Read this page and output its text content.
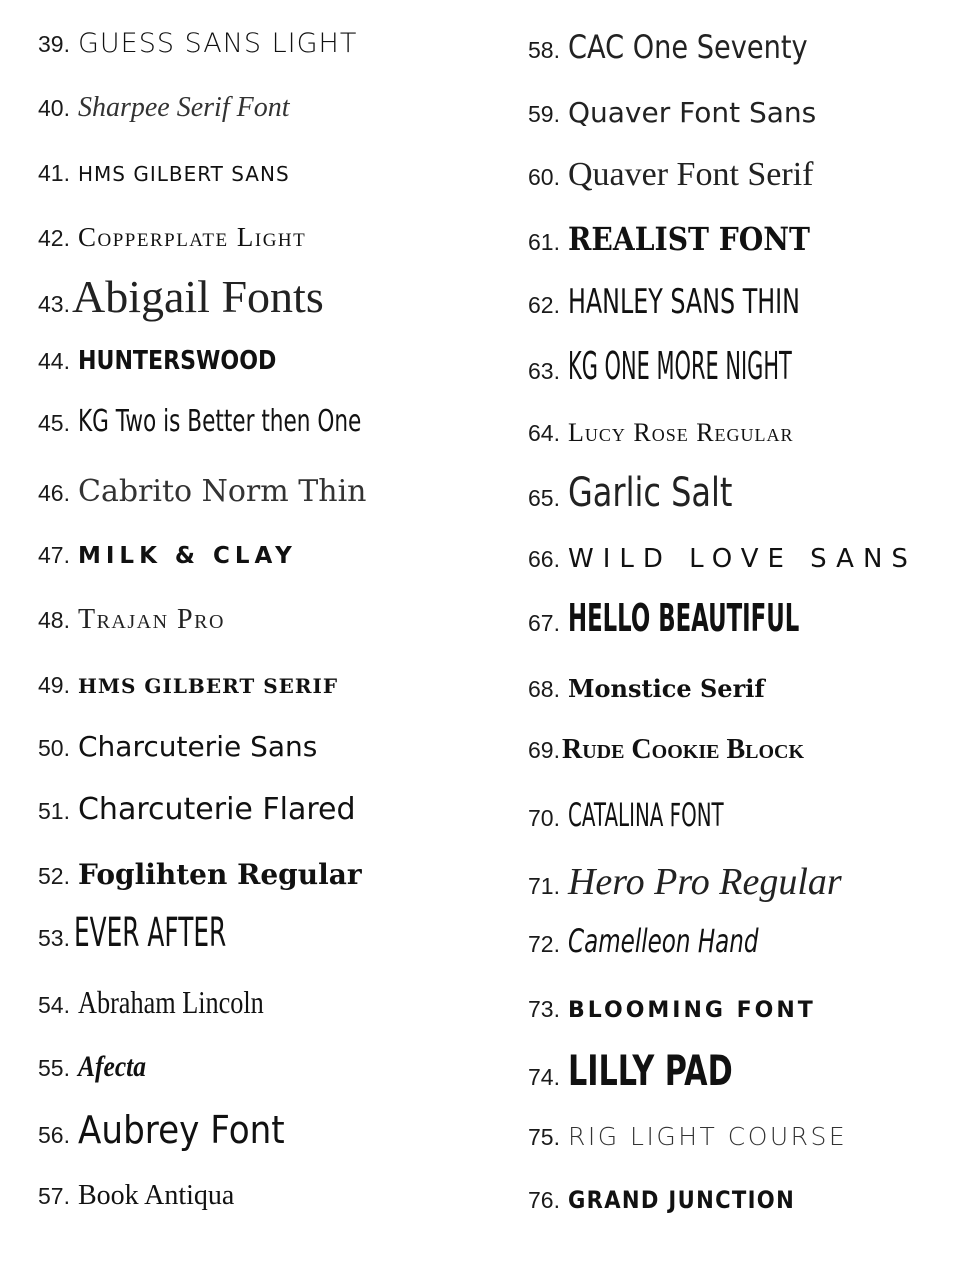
39. GUESS SANS LIGHT
40. Sharpee Serif Font
41. HMS GILBERT SANS
42. Copperplate Light
43. Abigail Fonts
44. HUNTERSWOOD
45. KG Two is Better then One
46. Cabrito Norm Thin
47. MILK & CLAY
48. Trajan Pro
49. HMS GILBERT SERIF
50. Charcuterie Sans
51. Charcuterie Flared
52. Foglihten Regular
53. EVER AFTER
54. Abraham Lincoln
55. Afecta
56. Aubrey Font
57. Book Antiqua
58. CAC One Seventy
59. Quaver Font Sans
60. Quaver Font Serif
61. REALIST FONT
62. HANLEY SANS THIN
63. KG ONE MORE NIGHT
64. Lucy Rose Regular
65. Garlic Salt
66. WILD LOVE SANS
67. HELLO BEAUTIFUL
68. Monstice Serif
69. Rude Cookie Block
70. CATALINA FONT
71. Hero Pro Regular
72. Camelleon Hand
73. BLOOMING FONT
74. LILLY PAD
75. RIG LIGHT COURSE
76. GRAND JUNCTION
